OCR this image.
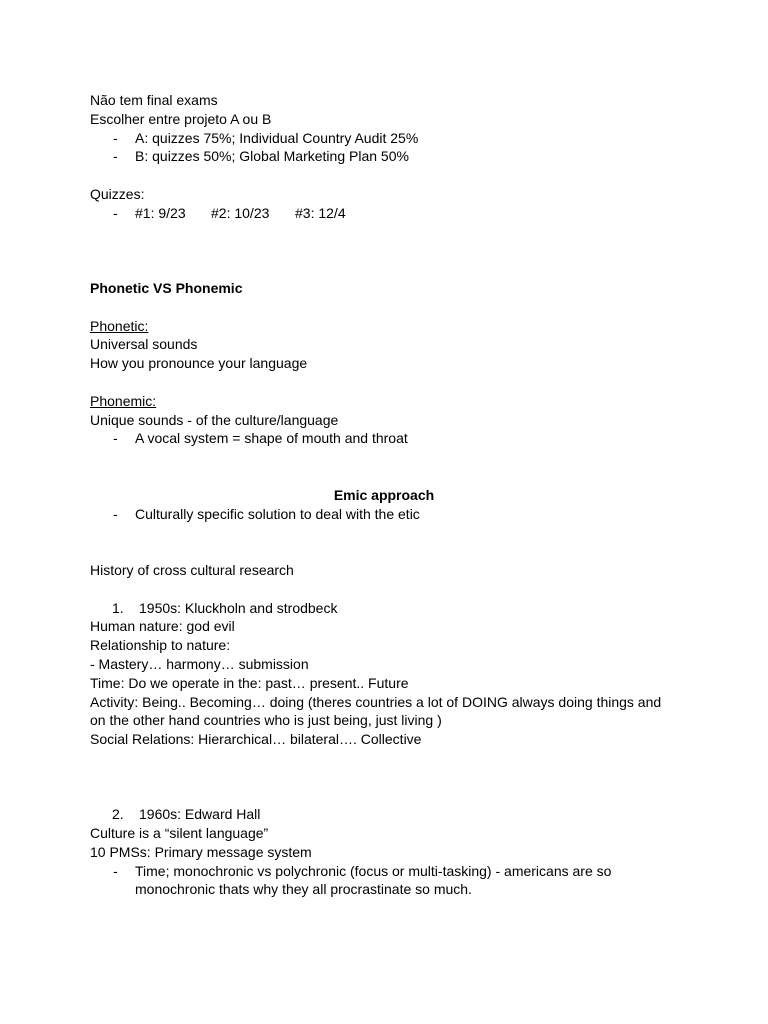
Não tem final exams
Escolher entre projeto A ou B
- A: quizzes 75%; Individual Country Audit 25%
- B: quizzes 50%; Global Marketing Plan 50%
Quizzes:
- #1: 9/23 #2: 10/23 #3: 12/4
Phonetic VS Phonemic
Phonetic:
Universal sounds
How you pronounce your language
Phonemic:
Unique sounds - of the culture/language
- A vocal system = shape of mouth and throat
Emic approach
- Culturally specific solution to deal with the etic
History of cross cultural research
1. 1950s: Kluckholn and strodbeck
Human nature: god evil
Relationship to nature:
- Mastery… harmony… submission
Time: Do we operate in the: past… present.. Future
Activity: Being.. Becoming… doing (theres countries a lot of DOING always doing things and on the other hand countries who is just being, just living )
Social Relations: Hierarchical… bilateral…. Collective
2. 1960s: Edward Hall
Culture is a “silent language”
10 PMSs: Primary message system
- Time; monochronic vs polychronic (focus or multi-tasking) - americans are so monochronic thats why they all procrastinate so much.
